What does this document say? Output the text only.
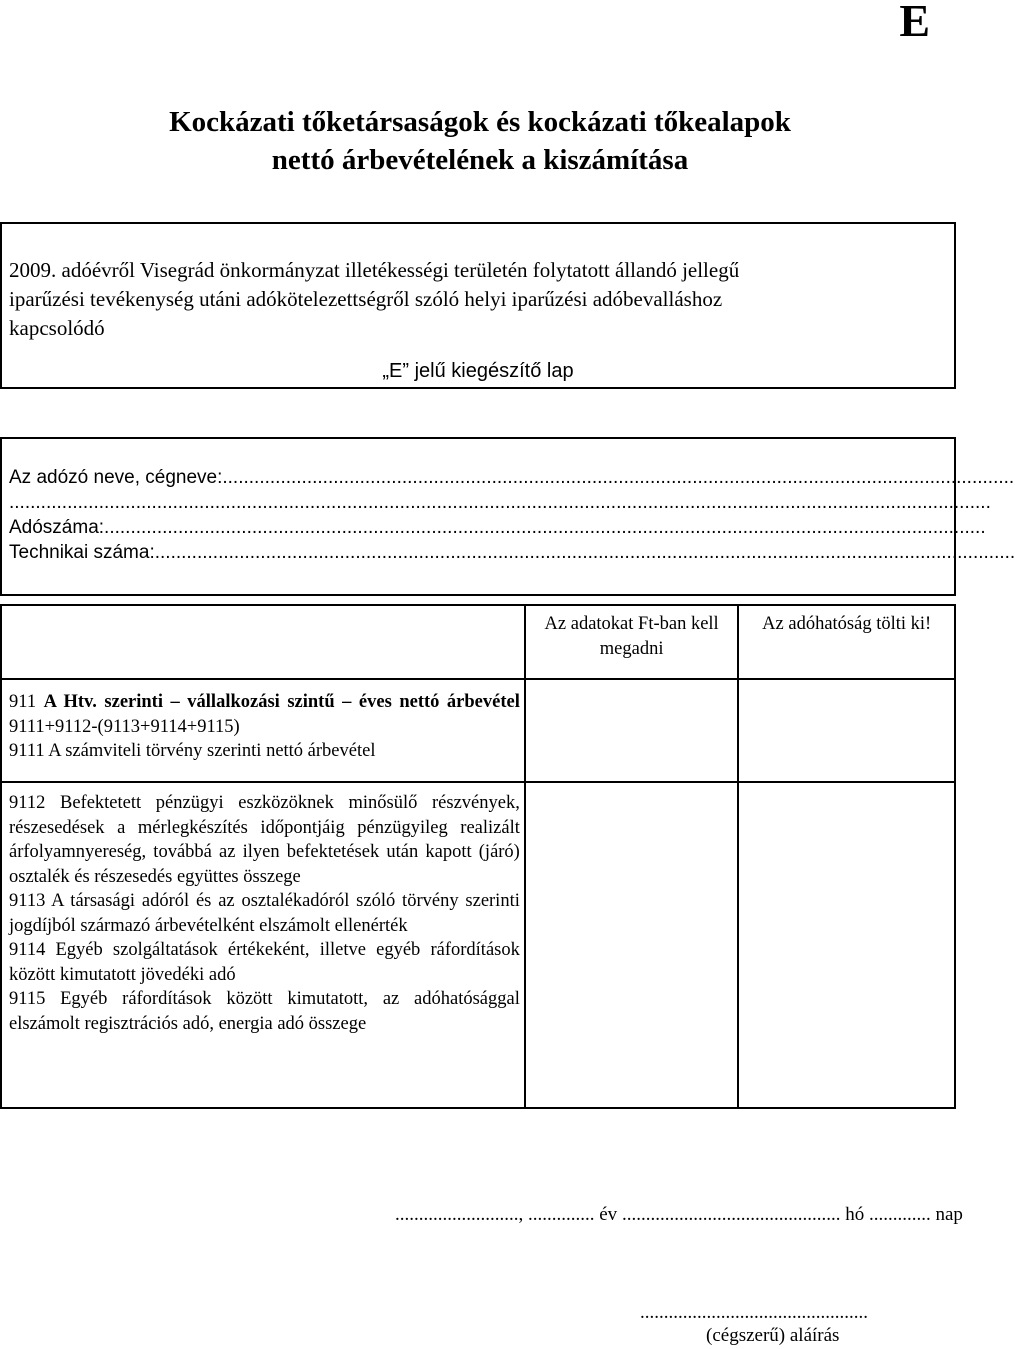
E
Kockázati tőketársaságok és kockázati tőkealapok
nettó árbevételének a kiszámítása
2009. adóévről Visegrád önkormányzat illetékességi területén folytatott állandó jellegű
iparűzési tevékenység utáni adókötelezettségről szóló helyi iparűzési adóbevalláshoz
kapcsolódó
„E” jelű kiegészítő lap
Az adózó neve, cégneve:......................................................................................................................................................
..........................................................................................................................................................................................
Adószáma:.......................................................................................................................................................................
Technikai száma:...................................................................................................................................................................
	Az adatokat Ft-ban kell megadni	Az adóhatóság tölti ki!

911 A Htv. szerinti – vállalkozási szintű – éves nettó árbevétel
9111+9112-(9113+9114+9115)
9111 A számviteli törvény szerinti nettó árbevétel		

9112 Befektetett pénzügyi eszközöknek minősülő részvények, részesedések a mérlegkészítés időpontjáig pénzügyileg realizált árfolyamnyereség, továbbá az ilyen befektetések után kapott (járó) osztalék és részesedés együttes összege
9113 A társasági adóról és az osztalékadóról szóló törvény szerinti jogdíjból származó árbevételként elszámolt ellenérték
9114 Egyéb szolgáltatások értékeként, illetve egyéb ráfordítások között kimutatott jövedéki adó
9115 Egyéb ráfordítások között kimutatott, az adóhatósággal elszámolt regisztrációs adó, energia adó összege		

.........................., .............. év .............................................. hó ............. nap
................................................
(cégszerű) aláírás
